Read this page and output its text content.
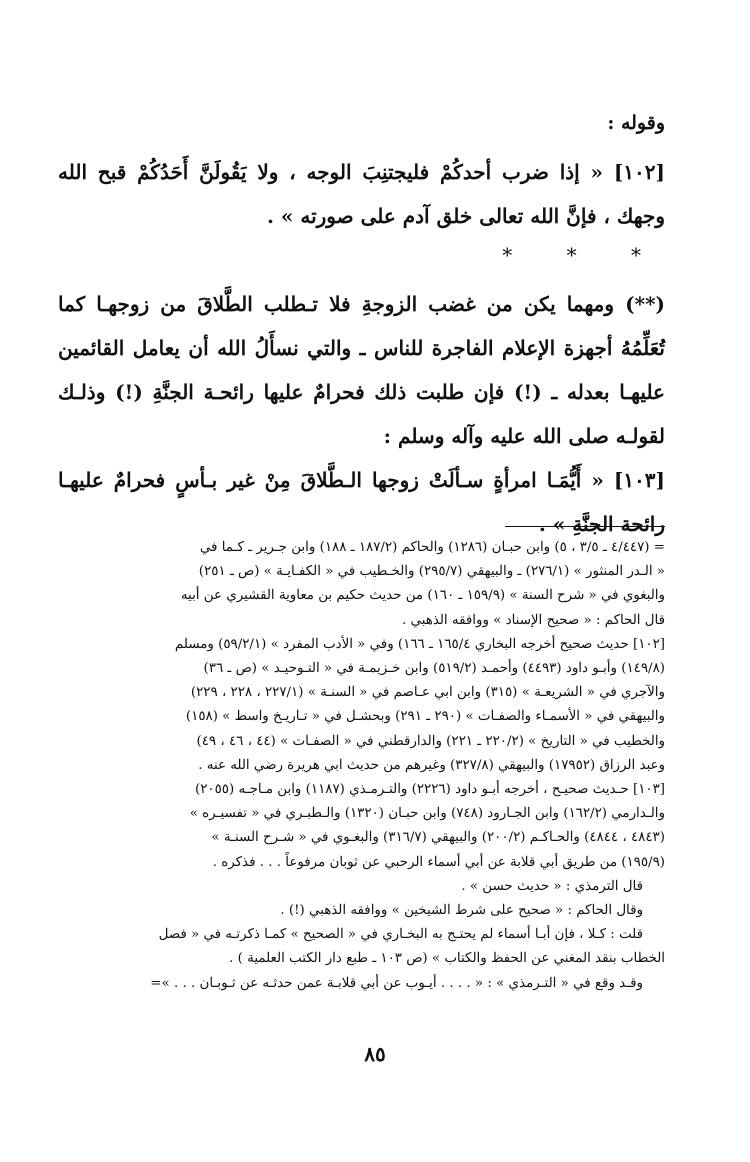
وقوله :

[١٠٢] « إذا ضرب أحدكُمْ فليجتنِبَ الوجه ، ولا يَقُولَنَّ أَحَدُكُمْ قبح الله وجهك ، فإنَّ الله تعالى خلق آدم على صورته » .

* * *

(**) ومهما يكن من غضب الزوجةِ فلا تـطلب الطَّلاقَ من زوجهـا كما تُعَلِّمُهُ أجهزة الإعلام الفاجرة للناس ـ والتي نسأَلُ الله أن يعامل القائمين عليهـا بعدله ـ (!) فإن طلبت ذلك فحرامٌ عليها رائحـة الجنَّةِ (!) وذلـك لقولـه صلى الله عليه وآله وسلم :

[١٠٣] « أَيُّمَـا امرأةٍ سـألَتْ زوجها الـطَّلاقَ مِنْ غير بـأسٍ فحرامٌ عليهـا رائحة الجنَّةِ » .

= (٤/٤٤٧ ـ ٣/٥ ، ٥) وابن حبـان (١٢٨٦) والحاكم (١٨٧/٢ ـ ١٨٨) وابن جـرير ـ كـما في
« الـدر المنثور » (٢٧٦/١) ـ والبيهقي (٢٩٥/٧) والخـطيب في « الكفـايـة » (ص ـ ٢٥١)
والبغوي في « شرح السنة » (١٥٩/٩ ـ ١٦٠) من حديث حكيم بن معاوية القشيري عن أبيه
قال الحاكم : « صحيح الإسناد » ووافقه الذهبي .

[١٠٢] حديث صحيح أخرجه البخاري ١٦٥/٤ ـ ١٦٦) وفي « الأدب المفرد » (٥٩/٢/١) ومسلم
(١٤٩/٨) وأبـو داود (٤٤٩٣) وأحمـد (٥١٩/٢) وابن خـزيمـة في « التـوحيـد » (ص ـ ٣٦)
والآجري في « الشريعـة » (٣١٥) وابن ابي عـاصم في « السنـة » (٢٢٧/١ ، ٢٢٨ ، ٢٢٩)
والبيهقي في « الأسمـاء والصفـات » (٢٩٠ ـ ٢٩١) وبحشـل في « تـاريـخ واسط » (١٥٨)
والخطيب في « التاريخ » (٢٢٠/٢ ـ ٢٢١) والدارقطني في « الصفـات » (٤٤ ، ٤٦ ، ٤٩)
وعبد الرزاق (١٧٩٥٢) والبيهقي (٣٢٧/٨) وغيرهم من حديث ابي هريرة رضي الله عنه .

[١٠٣] حـديث صحيـح ، أخرجه أبـو داود (٢٢٢٦) والتـرمـذي (١١٨٧) وابن مـاجـه (٢٠٥٥)
والـدارمي (١٦٢/٢) وابن الجـارود (٧٤٨) وابن حبـان (١٣٢٠) والـطبـري في « تفسيـره »
(٤٨٤٣ ، ٤٨٤٤) والحـاكـم (٢٠٠/٢) والبيهقي (٣١٦/٧) والبغـوي في « شـرح السنـة »
(١٩٥/٩) من طريق أبي قلابة عن أبي أسماء الرحبي عن ثوبان مرفوعاً . . . فذكره .
قال الترمذي : « حديث حسن » .
وقال الحاكم : « صحيح على شرط الشيخين » ووافقه الذهبي (!) .
قلت : كـلا ، فإن أبـا أسماء لم يحتـج به البخـاري في « الصحيح » كمـا ذكرتـه في « فصل
الخطاب بنقد المغني عن الحفظ والكتاب » (ص ١٠٣ ـ طبع دار الكتب العلمية ) .
وقـد وقع في « التـرمذي » : « . . . . أيـوب عن أبي قلابـة عمن حدثـه عن ثـوبـان . . . »=

٨٥
